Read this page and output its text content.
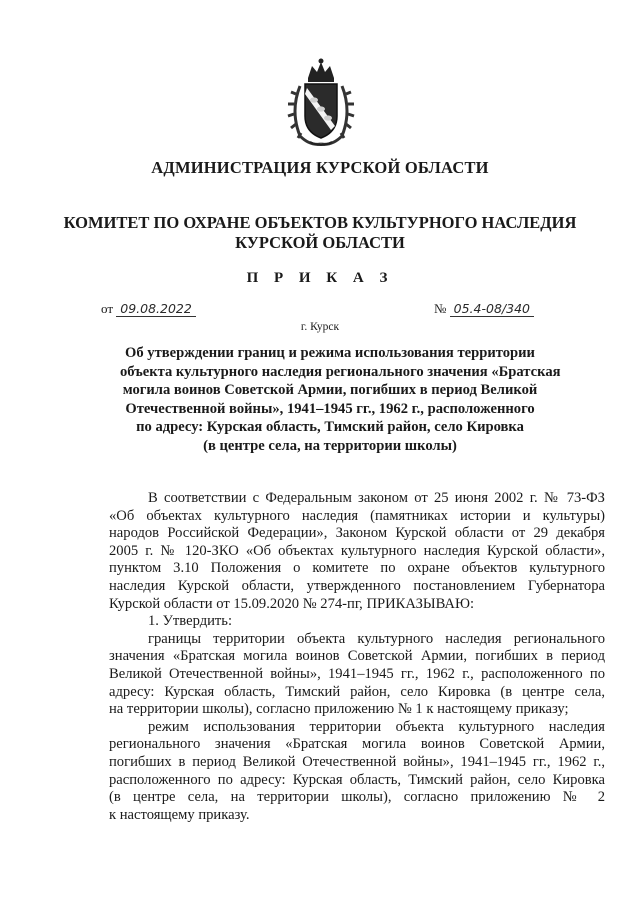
АДМИНИСТРАЦИЯ КУРСКОЙ ОБЛАСТИ
КОМИТЕТ ПО ОХРАНЕ ОБЪЕКТОВ КУЛЬТУРНОГО НАСЛЕДИЯ
КУРСКОЙ ОБЛАСТИ
П Р И К А З
от 09.08.2022	№ 05.4-08/340
г. Курск
Об утверждении границ и режима использования территории
объекта культурного наследия регионального значения «Братская
могила воинов Советской Армии, погибших в период Великой
Отечественной войны», 1941–1945 гг., 1962 г., расположенного
по адресу: Курская область, Тимский район, село Кировка
(в центре села, на территории школы)
В соответствии с Федеральным законом от 25 июня 2002 г. № 73-ФЗ
«Об объектах культурного наследия (памятниках истории и культуры)
народов Российской Федерации», Законом Курской области от 29 декабря
2005 г. № 120-ЗКО «Об объектах культурного наследия Курской области»,
пунктом 3.10 Положения о комитете по охране объектов культурного
наследия Курской области, утвержденного постановлением Губернатора
Курской области от 15.09.2020 № 274-пг, ПРИКАЗЫВАЮ:
1. Утвердить:
границы территории объекта культурного наследия регионального
значения «Братская могила воинов Советской Армии, погибших в период
Великой Отечественной войны», 1941–1945 гг., 1962 г., расположенного по
адресу: Курская область, Тимский район, село Кировка (в центре села,
на территории школы), согласно приложению № 1 к настоящему приказу;
режим использования территории объекта культурного наследия
регионального значения «Братская могила воинов Советской Армии,
погибших в период Великой Отечественной войны», 1941–1945 гг., 1962 г.,
расположенного по адресу: Курская область, Тимский район, село Кировка
(в центре села, на территории школы), согласно приложению № 2
к настоящему приказу.
